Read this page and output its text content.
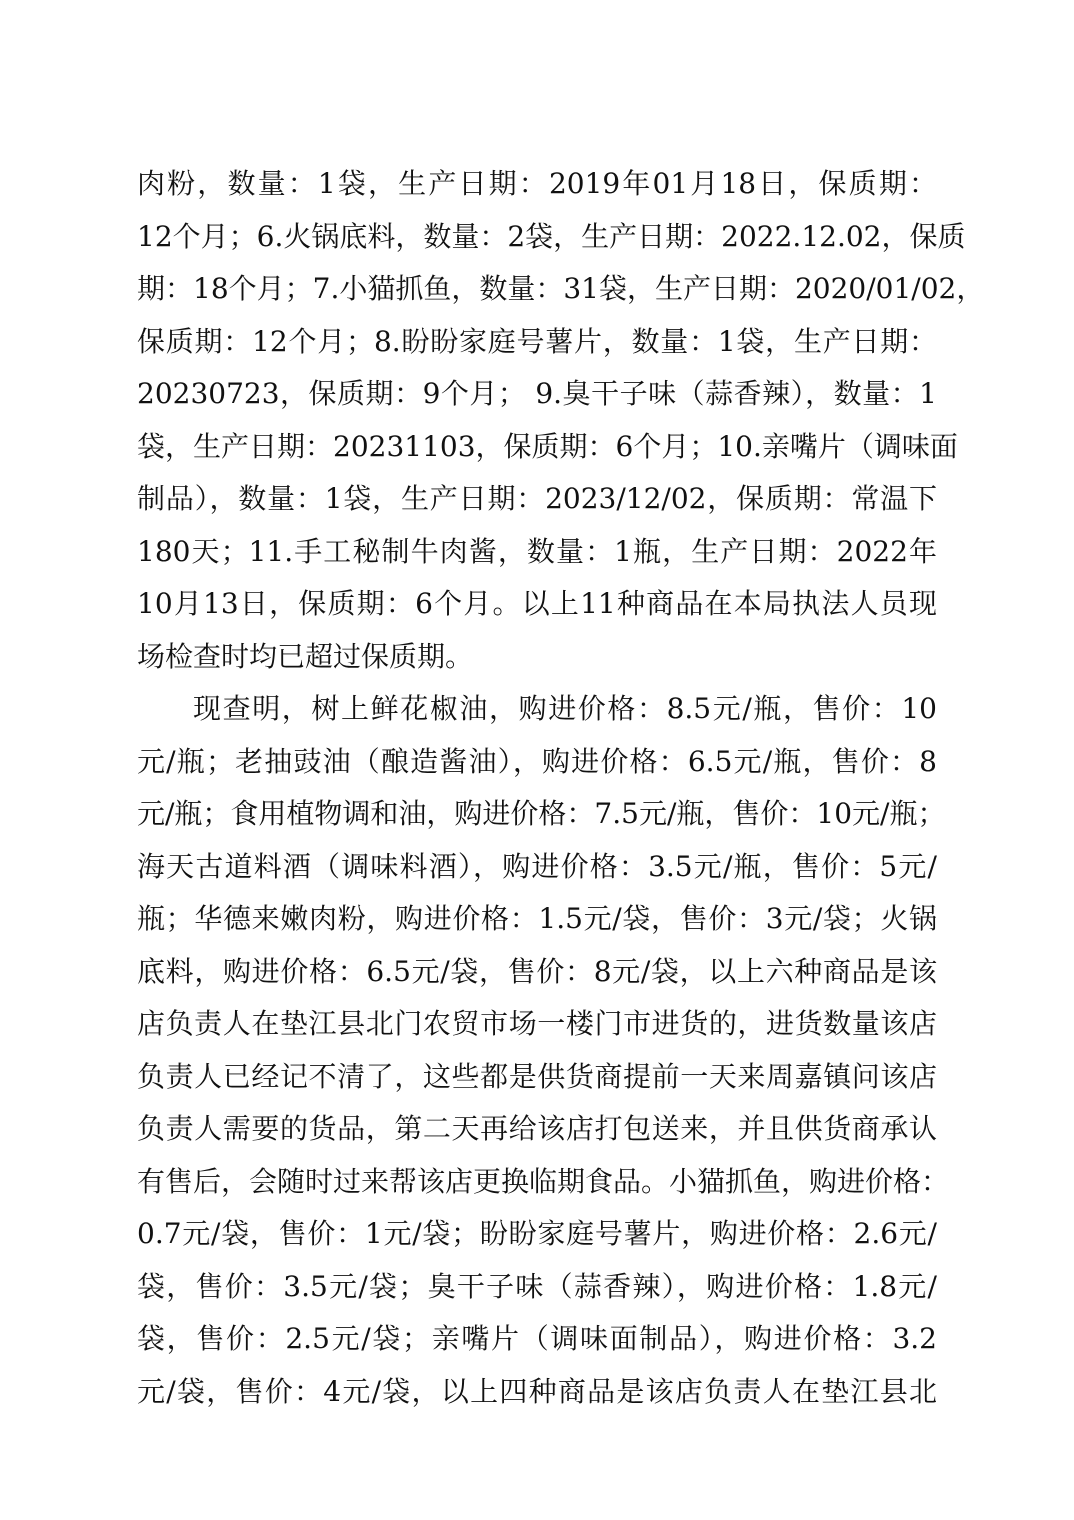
肉粉，数量：1袋，生产日期：2019年01月18日，保质期：
12个月；6.火锅底料，数量：2袋，生产日期：2022.12.02，保质
期：18个月；7.小猫抓鱼，数量：31袋，生产日期：2020/01/02，
保质期：12个月；8.盼盼家庭号薯片，数量：1袋，生产日期：
20230723，保质期：9个月； 9.臭干子味（蒜香辣），数量：1
袋，生产日期：20231103，保质期：6个月；10.亲嘴片（调味面
制品），数量：1袋，生产日期：2023/12/02，保质期：常温下
180天；11.手工秘制牛肉酱，数量：1瓶，生产日期：2022年
10月13日，保质期：6个月。以上11种商品在本局执法人员现
场检查时均已超过保质期。
现查明，树上鲜花椒油，购进价格：8.5元/瓶，售价：10
元/瓶；老抽豉油（酿造酱油），购进价格：6.5元/瓶，售价：8
元/瓶；食用植物调和油，购进价格：7.5元/瓶，售价：10元/瓶；
海天古道料酒（调味料酒），购进价格：3.5元/瓶，售价：5元/
瓶；华德来嫩肉粉，购进价格：1.5元/袋，售价：3元/袋；火锅
底料，购进价格：6.5元/袋，售价：8元/袋，以上六种商品是该
店负责人在垫江县北门农贸市场一楼门市进货的，进货数量该店
负责人已经记不清了，这些都是供货商提前一天来周嘉镇问该店
负责人需要的货品，第二天再给该店打包送来，并且供货商承认
有售后，会随时过来帮该店更换临期食品。小猫抓鱼，购进价格：
0.7元/袋，售价：1元/袋；盼盼家庭号薯片，购进价格：2.6元/
袋，售价：3.5元/袋；臭干子味（蒜香辣），购进价格：1.8元/
袋，售价：2.5元/袋；亲嘴片（调味面制品），购进价格：3.2
元/袋，售价：4元/袋，以上四种商品是该店负责人在垫江县北
